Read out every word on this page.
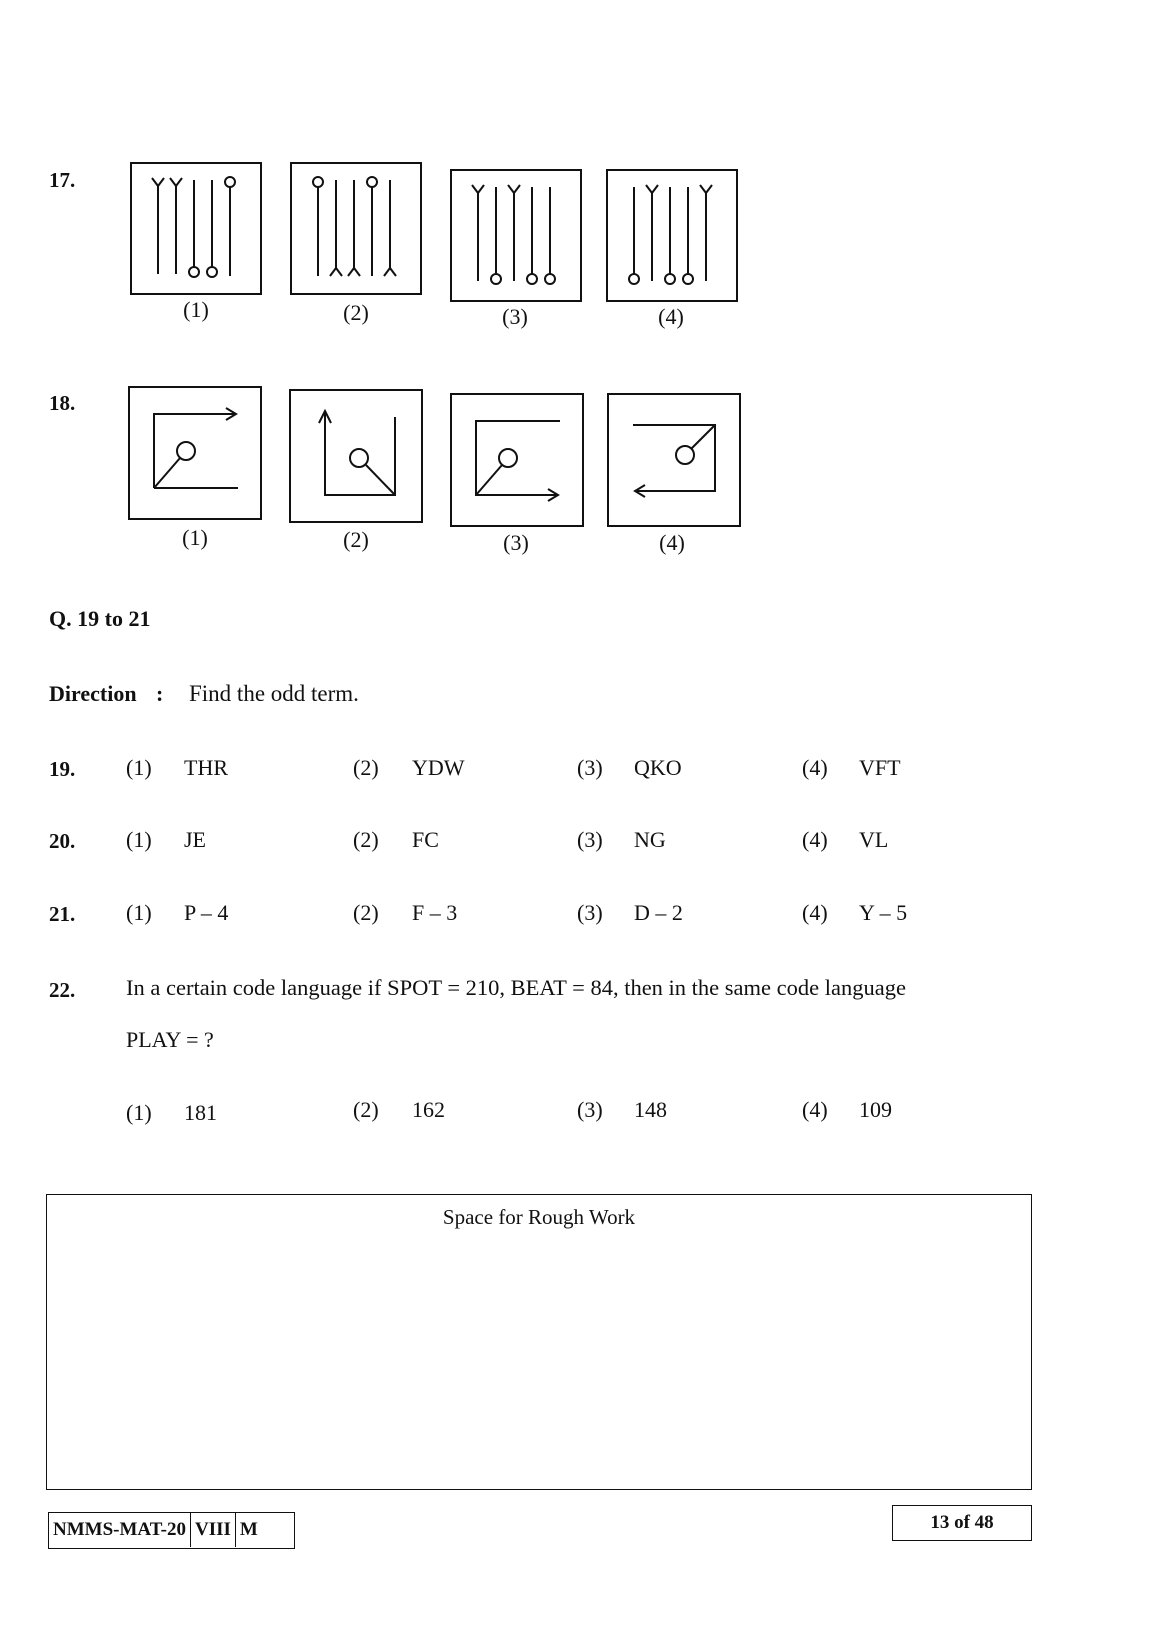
17.
(1)	(2)	(3)	(4)
18.
(1)	(2)	(3)	(4)
Q. 19 to 21
Direction : Find the odd term.
19. (1) THR	(2) YDW	(3) QKO	(4) VFT
20. (1) JE	(2) FC	(3) NG	(4) VL
21. (1) P – 4	(2) F – 3	(3) D – 2	(4) Y – 5
22. In a certain code language if SPOT = 210, BEAT = 84, then in the same code language
PLAY = ?
(1) 181	(2) 162	(3) 148	(4) 109
Space for Rough Work
NMMS-MAT-20 VIII M	13 of 48
